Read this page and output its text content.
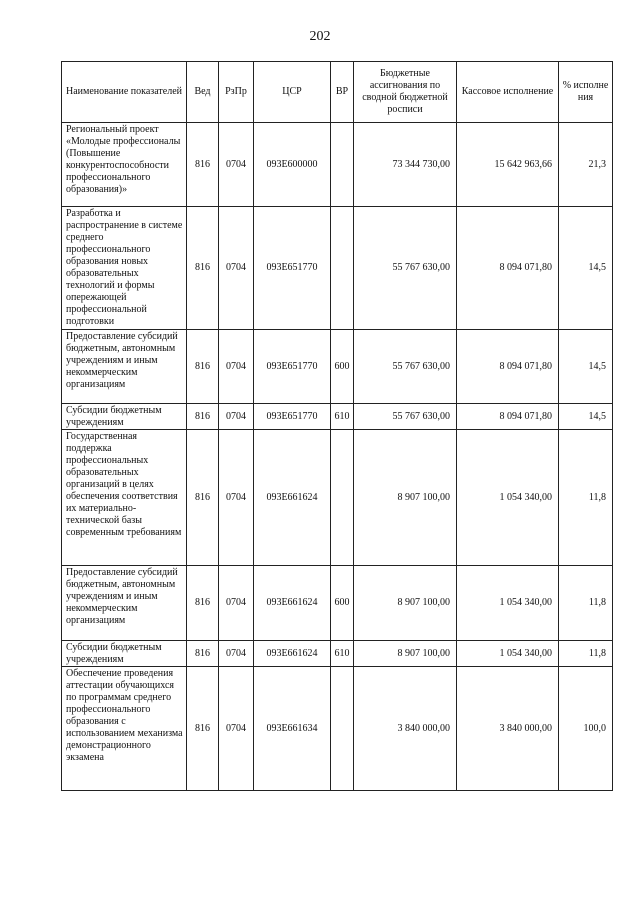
202
Наименование показателей	Вед	РзПр	ЦСР	ВР	Бюджетные ассигнования по сводной бюджетной росписи	Кассовое исполнение	% исполне ния
Региональный проект «Молодые профессионалы (Повышение конкурентоспособности профессионального образования)»	816	0704	093E600000		73 344 730,00	15 642 963,66	21,3
Разработка и распространение в системе среднего профессионального образования новых образовательных технологий и формы опережающей профессиональной подготовки	816	0704	093E651770		55 767 630,00	8 094 071,80	14,5
Предоставление субсидий бюджетным, автономным учреждениям и иным некоммерческим организациям	816	0704	093E651770	600	55 767 630,00	8 094 071,80	14,5
Субсидии бюджетным учреждениям	816	0704	093E651770	610	55 767 630,00	8 094 071,80	14,5
Государственная поддержка профессиональных образовательных организаций в целях обеспечения соответствия их материально-технической базы современным требованиям	816	0704	093E661624		8 907 100,00	1 054 340,00	11,8
Предоставление субсидий бюджетным, автономным учреждениям и иным некоммерческим организациям	816	0704	093E661624	600	8 907 100,00	1 054 340,00	11,8
Субсидии бюджетным учреждениям	816	0704	093E661624	610	8 907 100,00	1 054 340,00	11,8
Обеспечение проведения аттестации обучающихся по программам среднего профессионального образования с использованием механизма демонстрационного экзамена	816	0704	093E661634		3 840 000,00	3 840 000,00	100,0
